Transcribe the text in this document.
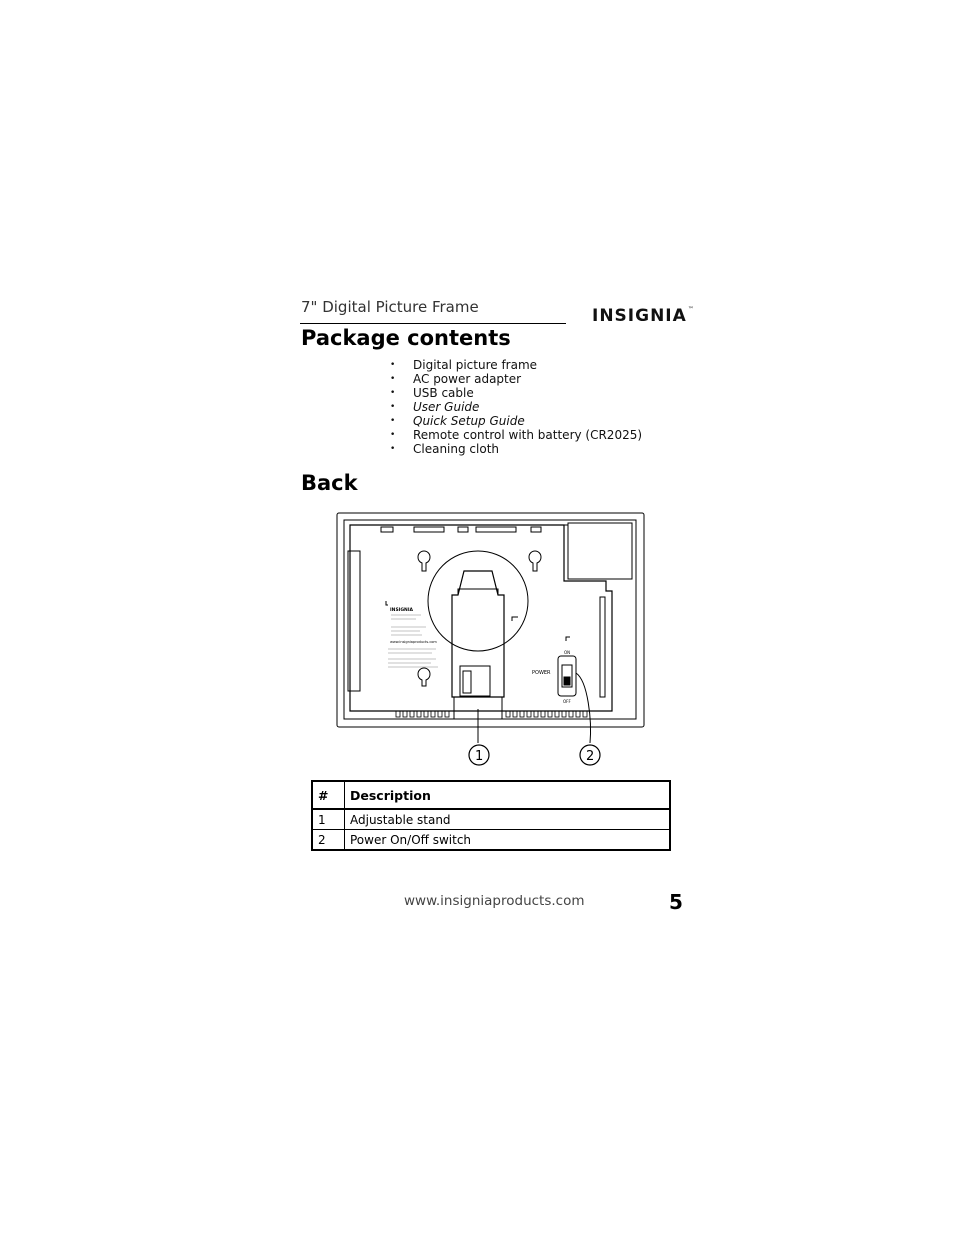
7" Digital Picture Frame	INSIGNIA™
Package contents
• Digital picture frame
• AC power adapter
• USB cable
• User Guide
• Quick Setup Guide
• Remote control with battery (CR2025)
• Cleaning cloth
Back
INSIGNIA
www.insigniaproducts.com
POWER
ON
OFF
1	2
#	Description
1	Adjustable stand
2	Power On/Off switch
www.insigniaproducts.com	5
